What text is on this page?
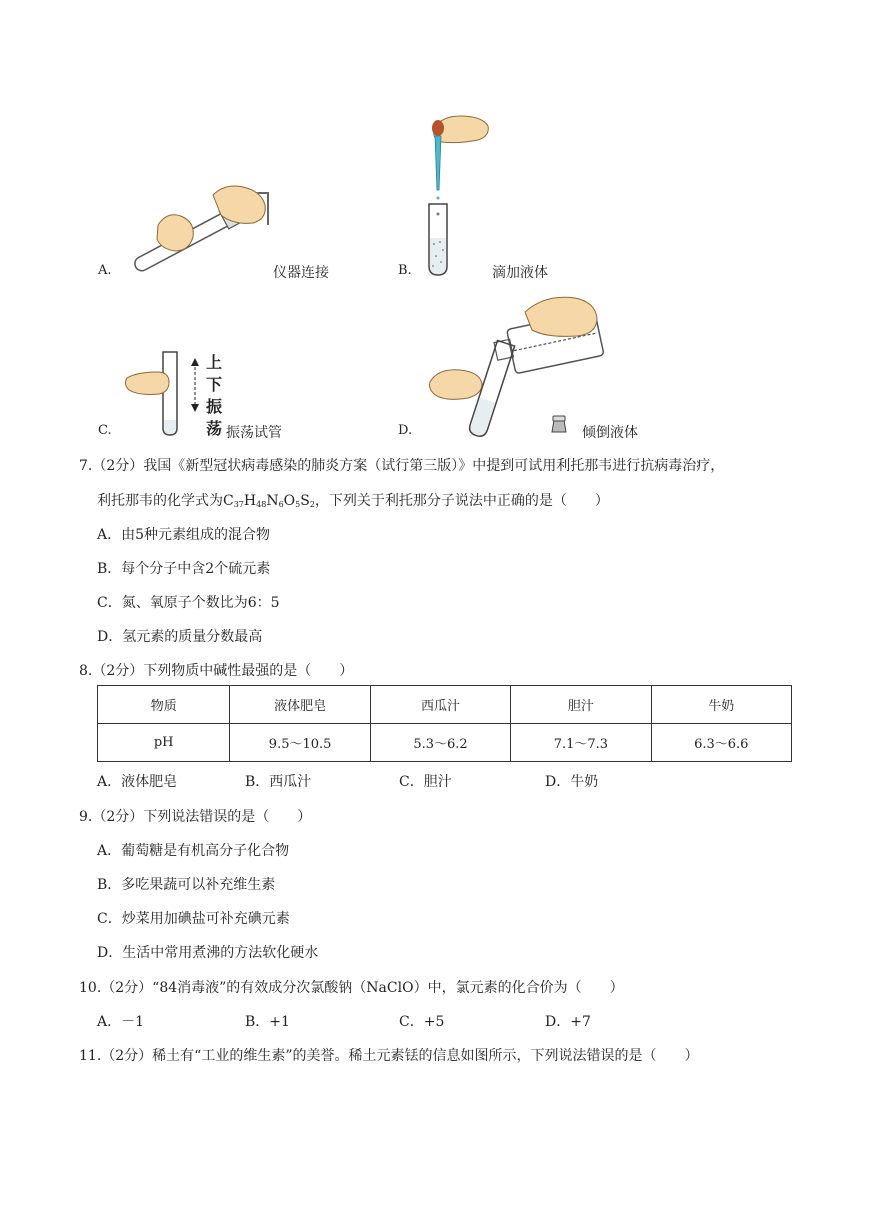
A.	仪器连接	B.	滴加液体
C.
上
下
振
荡 振荡试管	D.	倾倒液体
7.（2分）我国《新型冠状病毒感染的肺炎方案（试行第三版）》中提到可试用利托那韦进行抗病毒治疗，
利托那韦的化学式为$C_{37}H_{48}N_6O_5S_2$，下列关于利托那分子说法中正确的是（　　）
A．由5种元素组成的混合物
B．每个分子中含2个硫元素
C．氮、氧原子个数比为6：5
D．氢元素的质量分数最高
8.（2分）下列物质中碱性最强的是（　　）
物质	液体肥皂	西瓜汁	胆汁	牛奶
pH	9.5～10.5	5.3～6.2	7.1～7.3	6.3～6.6
A．液体肥皂	B．西瓜汁	C．胆汁	D．牛奶
9.（2分）下列说法错误的是（　　）
A．葡萄糖是有机高分子化合物
B．多吃果蔬可以补充维生素
C．炒菜用加碘盐可补充碘元素
D．生活中常用煮沸的方法软化硬水
10.（2分）“84消毒液”的有效成分次氯酸钠（NaClO）中，氯元素的化合价为（　　）
A．－1	B．+1	C．+5	D．+7
11.（2分）稀土有“工业的维生素”的美誉。稀土元素铥的信息如图所示，下列说法错误的是（　　）
